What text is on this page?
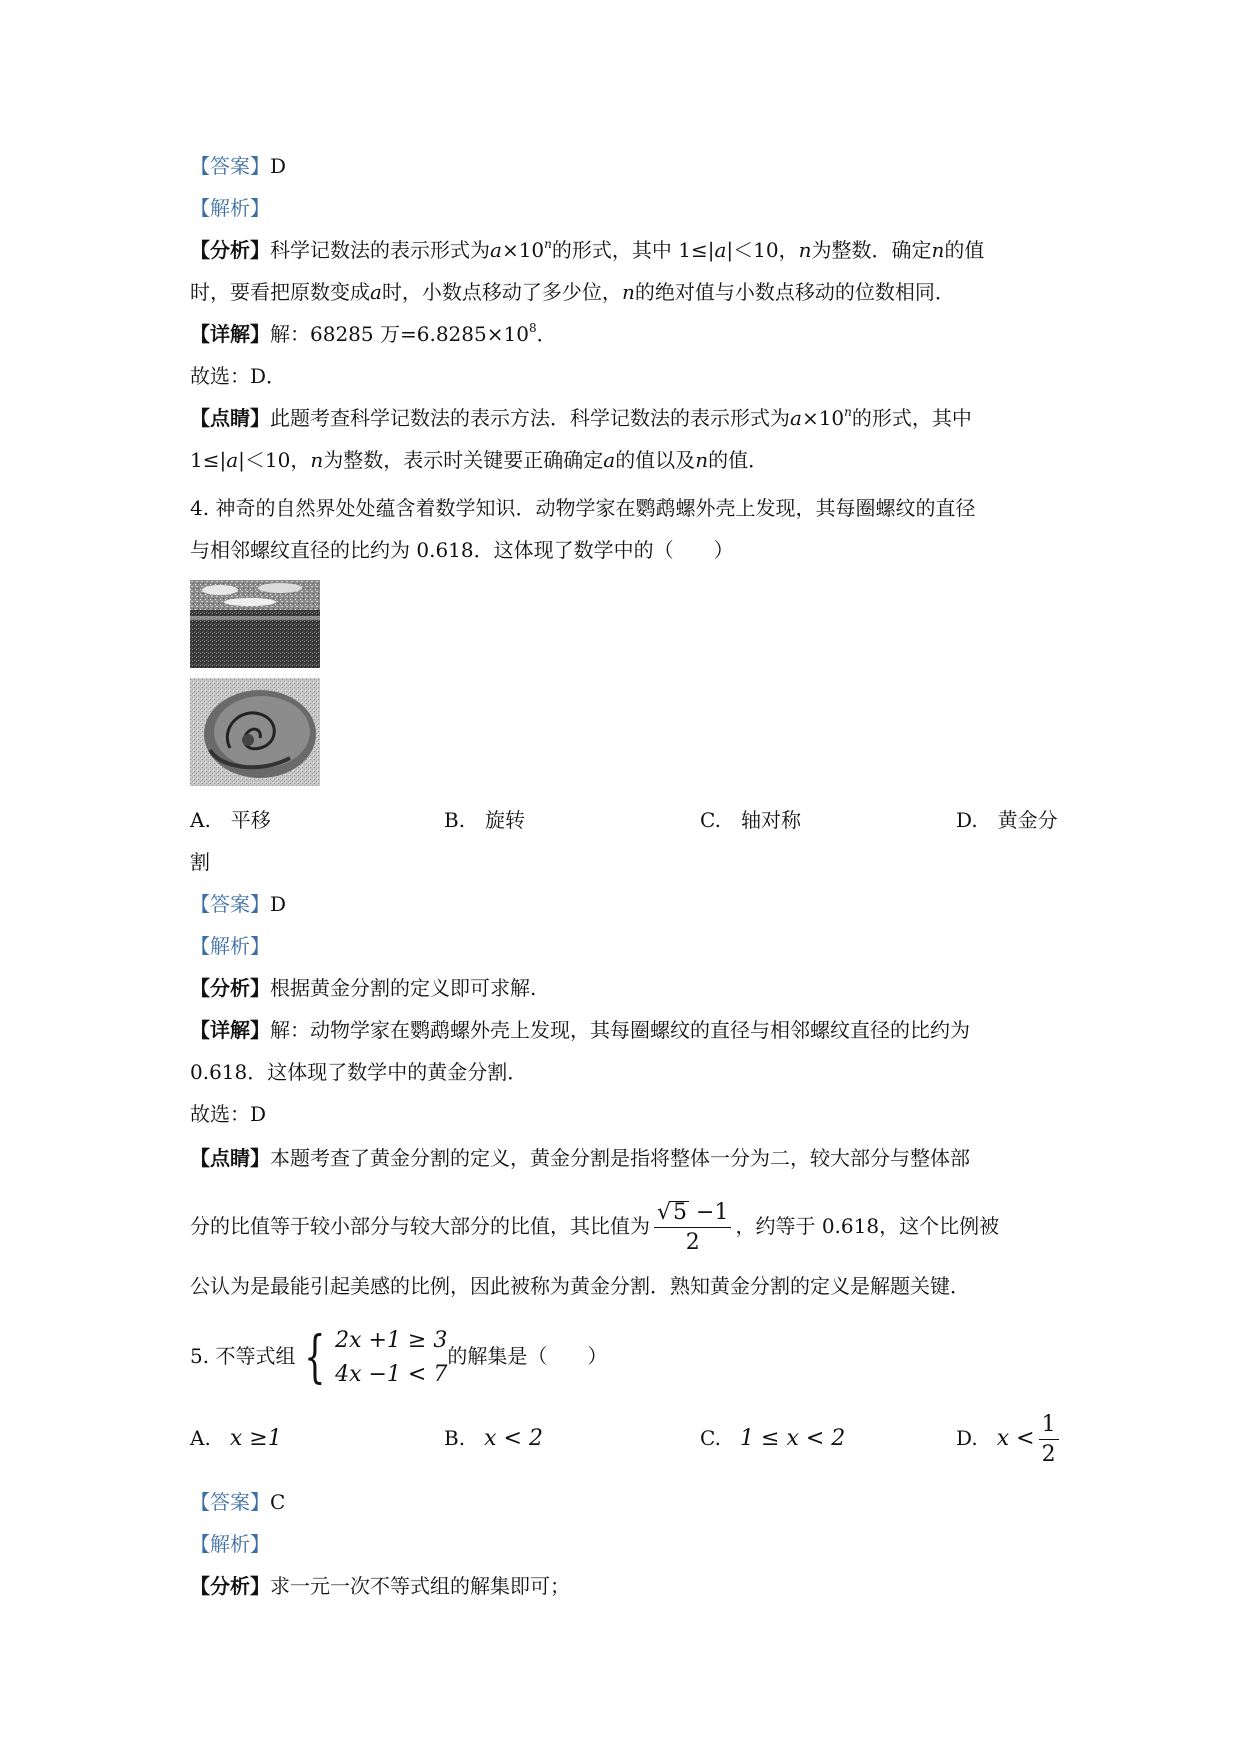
【答案】D
【解析】
【分析】科学记数法的表示形式为$a\times 10^n$的形式，其中 1≤|a|＜10，n为整数．确定n的值
时，要看把原数变成a时，小数点移动了多少位，n的绝对值与小数点移动的位数相同．
【详解】解：68285 万$=6.8285\times 10^8$．
故选：D．
【点睛】此题考查科学记数法的表示方法．科学记数法的表示形式为$a\times 10^n$的形式，其中
1≤|a|＜10，n为整数，表示时关键要正确确定a的值以及n的值．
4. 神奇的自然界处处蕴含着数学知识．动物学家在鹦鹉螺外壳上发现，其每圈螺纹的直径
与相邻螺纹直径的比约为 0.618．这体现了数学中的（　　）
A.　平移	B.　旋转	C.　轴对称	D.　黄金分
割
【答案】D
【解析】
【分析】根据黄金分割的定义即可求解.
【详解】解：动物学家在鹦鹉螺外壳上发现，其每圈螺纹的直径与相邻螺纹直径的比约为
0.618．这体现了数学中的黄金分割．
故选：D
【点睛】本题考查了黄金分割的定义，黄金分割是指将整体一分为二，较大部分与整体部
分的比值等于较小部分与较大部分的比值，其比值为 $\frac{√5 -1}{2}$ ，约等于 0.618，这个比例被
公认为是最能引起美感的比例，因此被称为黄金分割．熟知黄金分割的定义是解题关键．
5. 不等式组 { 2x +1 ≥ 3
4x −1 < 7
的解集是（　　）
A. x ≥1	B. x < 2	C. 1 ≤ x < 2	D. $x < \frac{1}{2}$
【答案】C
【解析】
【分析】求一元一次不等式组的解集即可；
